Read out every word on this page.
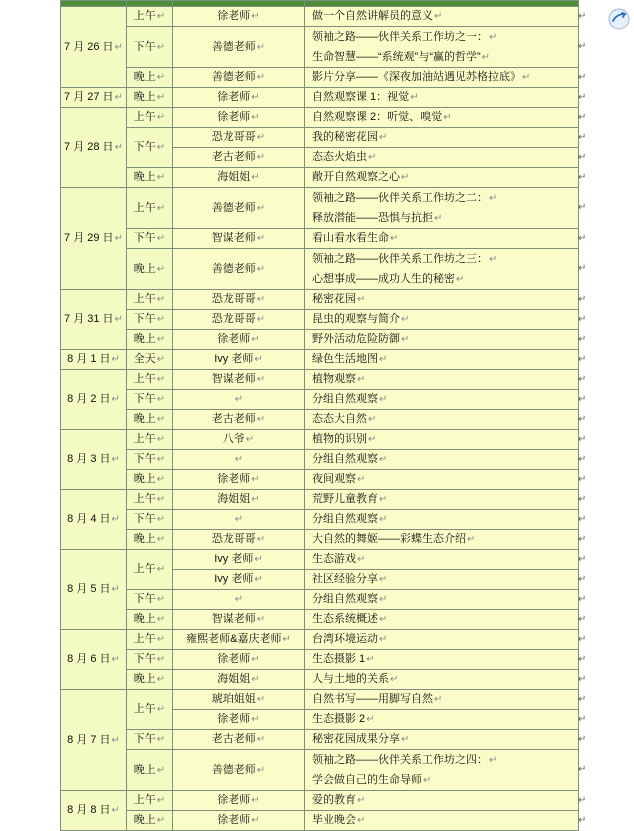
7 月 26 日↵	上午↵	徐老师↵	做一个自然讲解员的意义↵
	下午↵	善德老师↵	领袖之路——伙伴关系工作坊之一：↵
生命智慧——“系统观”与“赢的哲学”↵

	晚上↵	善德老师↵	影片分享——《深夜加油站遇见苏格拉底》↵
7 月 27 日↵	晚上↵	徐老师↵	自然观察课 1：视觉↵
7 月 28 日↵	上午↵	徐老师↵	自然观察课 2：听觉、嗅觉↵
	下午↵	恐龙哥哥↵	我的秘密花园↵
		老古老师↵	态态火焰虫↵
	晚上↵	海姐姐↵	敞开自然观察之心↵
7 月 29 日↵	上午↵	善德老师↵	领袖之路——伙伴关系工作坊之二：↵
释放潜能——恐惧与抗拒↵

	下午↵	智谋老师↵	看山看水看生命↵
	晚上↵	善德老师↵	领袖之路——伙伴关系工作坊之三：↵
心想事成——成功人生的秘密↵

7 月 31 日↵	上午↵	恐龙哥哥↵	秘密花园↵
	下午↵	恐龙哥哥↵	昆虫的观察与简介↵
	晚上↵	徐老师↵	野外活动危险防御↵
8 月 1 日↵	全天↵	Ivy 老师↵	绿色生活地图↵
8 月 2 日↵	上午↵	智谋老师↵	植物观察↵
	下午↵	↵	分组自然观察↵
	晚上↵	老古老师↵	态态大自然↵
8 月 3 日↵	上午↵	八爷↵	植物的识别↵
	下午↵	↵	分组自然观察↵
	晚上↵	徐老师↵	夜间观察↵
8 月 4 日↵	上午↵	海姐姐↵	荒野儿童教育↵
	下午↵	↵	分组自然观察↵
	晚上↵	恐龙哥哥↵	大自然的舞姬——彩蝶生态介绍↵
8 月 5 日↵	上午↵	Ivy 老师↵	生态游戏↵
		Ivy 老师↵	社区经验分享↵
	下午↵	↵	分组自然观察↵
	晚上↵	智谋老师↵	生态系统概述↵
8 月 6 日↵	上午↵	雍熙老师&嘉庆老师↵	台湾环境运动↵
	下午↵	徐老师↵	生态摄影 1↵
	晚上↵	海姐姐↵	人与土地的关系↵
8 月 7 日↵	上午↵	琥珀姐姐↵	自然书写——用脚写自然↵
		徐老师↵	生态摄影 2↵
	下午↵	老古老师↵	秘密花园成果分享↵
	晚上↵	善德老师↵	领袖之路——伙伴关系工作坊之四：↵
学会做自己的生命导师↵

8 月 8 日↵	上午↵	徐老师↵	爱的教育↵
	晚上↵	徐老师↵	毕业晚会↵
↵
↵
↵
↵
↵
↵
↵
↵
↵
↵
↵
↵
↵
↵
↵
↵
↵
↵
↵
↵
↵
↵
↵
↵
↵
↵
↵
↵
↵
↵
↵
↵
↵
↵
↵
↵
↵
